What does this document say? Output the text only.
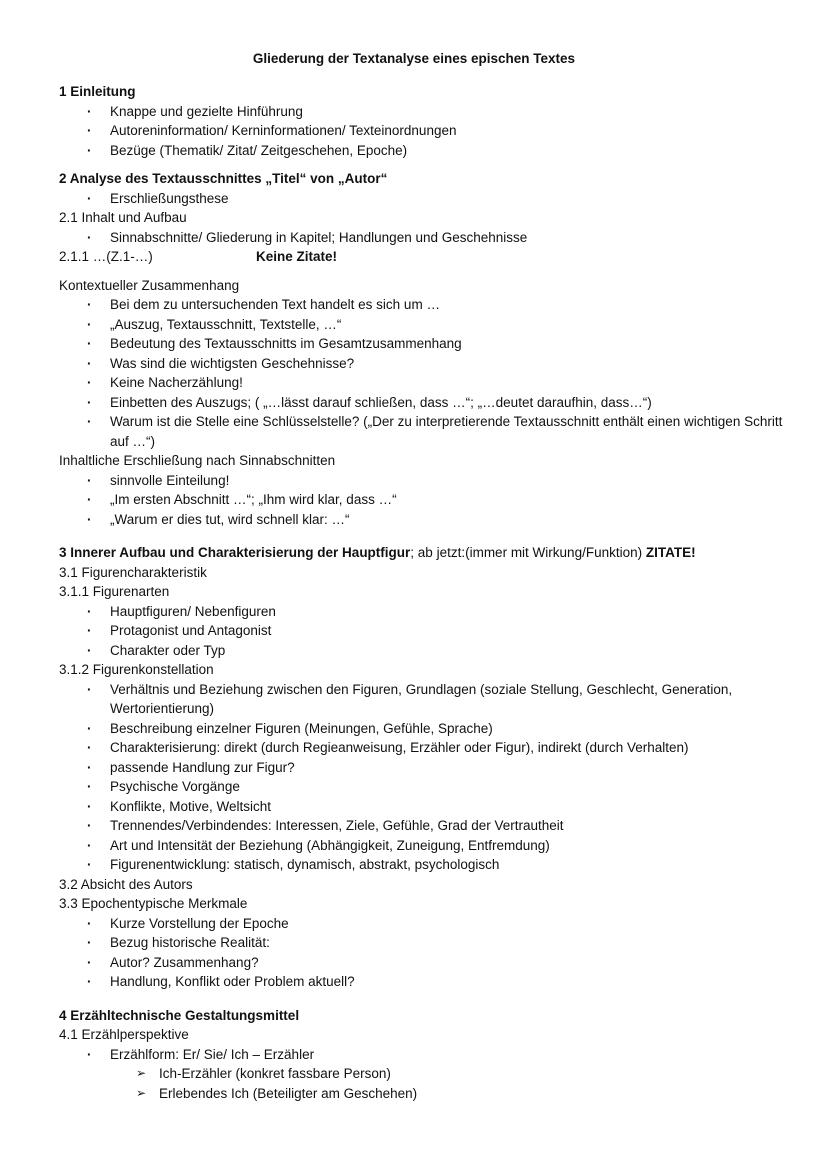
Gliederung der Textanalyse eines epischen Textes
1 Einleitung
· Knappe und gezielte Hinführung
· Autoreninformation/ Kerninformationen/ Texteinordnungen
· Bezüge (Thematik/ Zitat/ Zeitgeschehen, Epoche)
2 Analyse des Textausschnittes „Titel“ von „Autor“
· Erschließungsthese
2.1 Inhalt und Aufbau
· Sinnabschnitte/ Gliederung in Kapitel; Handlungen und Geschehnisse
2.1.1 …(Z.1-…)	Keine Zitate!
Kontextueller Zusammenhang
· Bei dem zu untersuchenden Text handelt es sich um …
· „Auszug, Textausschnitt, Textstelle, …“
· Bedeutung des Textausschnitts im Gesamtzusammenhang
· Was sind die wichtigsten Geschehnisse?
· Keine Nacherzählung!
· Einbetten des Auszugs; ( „…lässt darauf schließen, dass …“; „…deutet daraufhin, dass…“)
· Warum ist die Stelle eine Schlüsselstelle? („Der zu interpretierende Textausschnitt enthält einen wichtigen Schritt auf …“)
Inhaltliche Erschließung nach Sinnabschnitten
· sinnvolle Einteilung!
· „Im ersten Abschnitt …“; „Ihm wird klar, dass …“
· „Warum er dies tut, wird schnell klar: …“
3 Innerer Aufbau und Charakterisierung der Hauptfigur; ab jetzt:(immer mit Wirkung/Funktion) ZITATE!
3.1 Figurencharakteristik
3.1.1 Figurenarten
· Hauptfiguren/ Nebenfiguren
· Protagonist und Antagonist
· Charakter oder Typ
3.1.2 Figurenkonstellation
· Verhältnis und Beziehung zwischen den Figuren, Grundlagen (soziale Stellung, Geschlecht, Generation, Wertorientierung)
· Beschreibung einzelner Figuren (Meinungen, Gefühle, Sprache)
· Charakterisierung: direkt (durch Regieanweisung, Erzähler oder Figur), indirekt (durch Verhalten)
· passende Handlung zur Figur?
· Psychische Vorgänge
· Konflikte, Motive, Weltsicht
· Trennendes/Verbindendes: Interessen, Ziele, Gefühle, Grad der Vertrautheit
· Art und Intensität der Beziehung (Abhängigkeit, Zuneigung, Entfremdung)
· Figurenentwicklung: statisch, dynamisch, abstrakt, psychologisch
3.2 Absicht des Autors
3.3 Epochentypische Merkmale
· Kurze Vorstellung der Epoche
· Bezug historische Realität:
· Autor? Zusammenhang?
· Handlung, Konflikt oder Problem aktuell?
4 Erzähltechnische Gestaltungsmittel
4.1 Erzählperspektive
· Erzählform: Er/ Sie/ Ich – Erzähler
➢ Ich-Erzähler (konkret fassbare Person)
➢ Erlebendes Ich (Beteiligter am Geschehen)
